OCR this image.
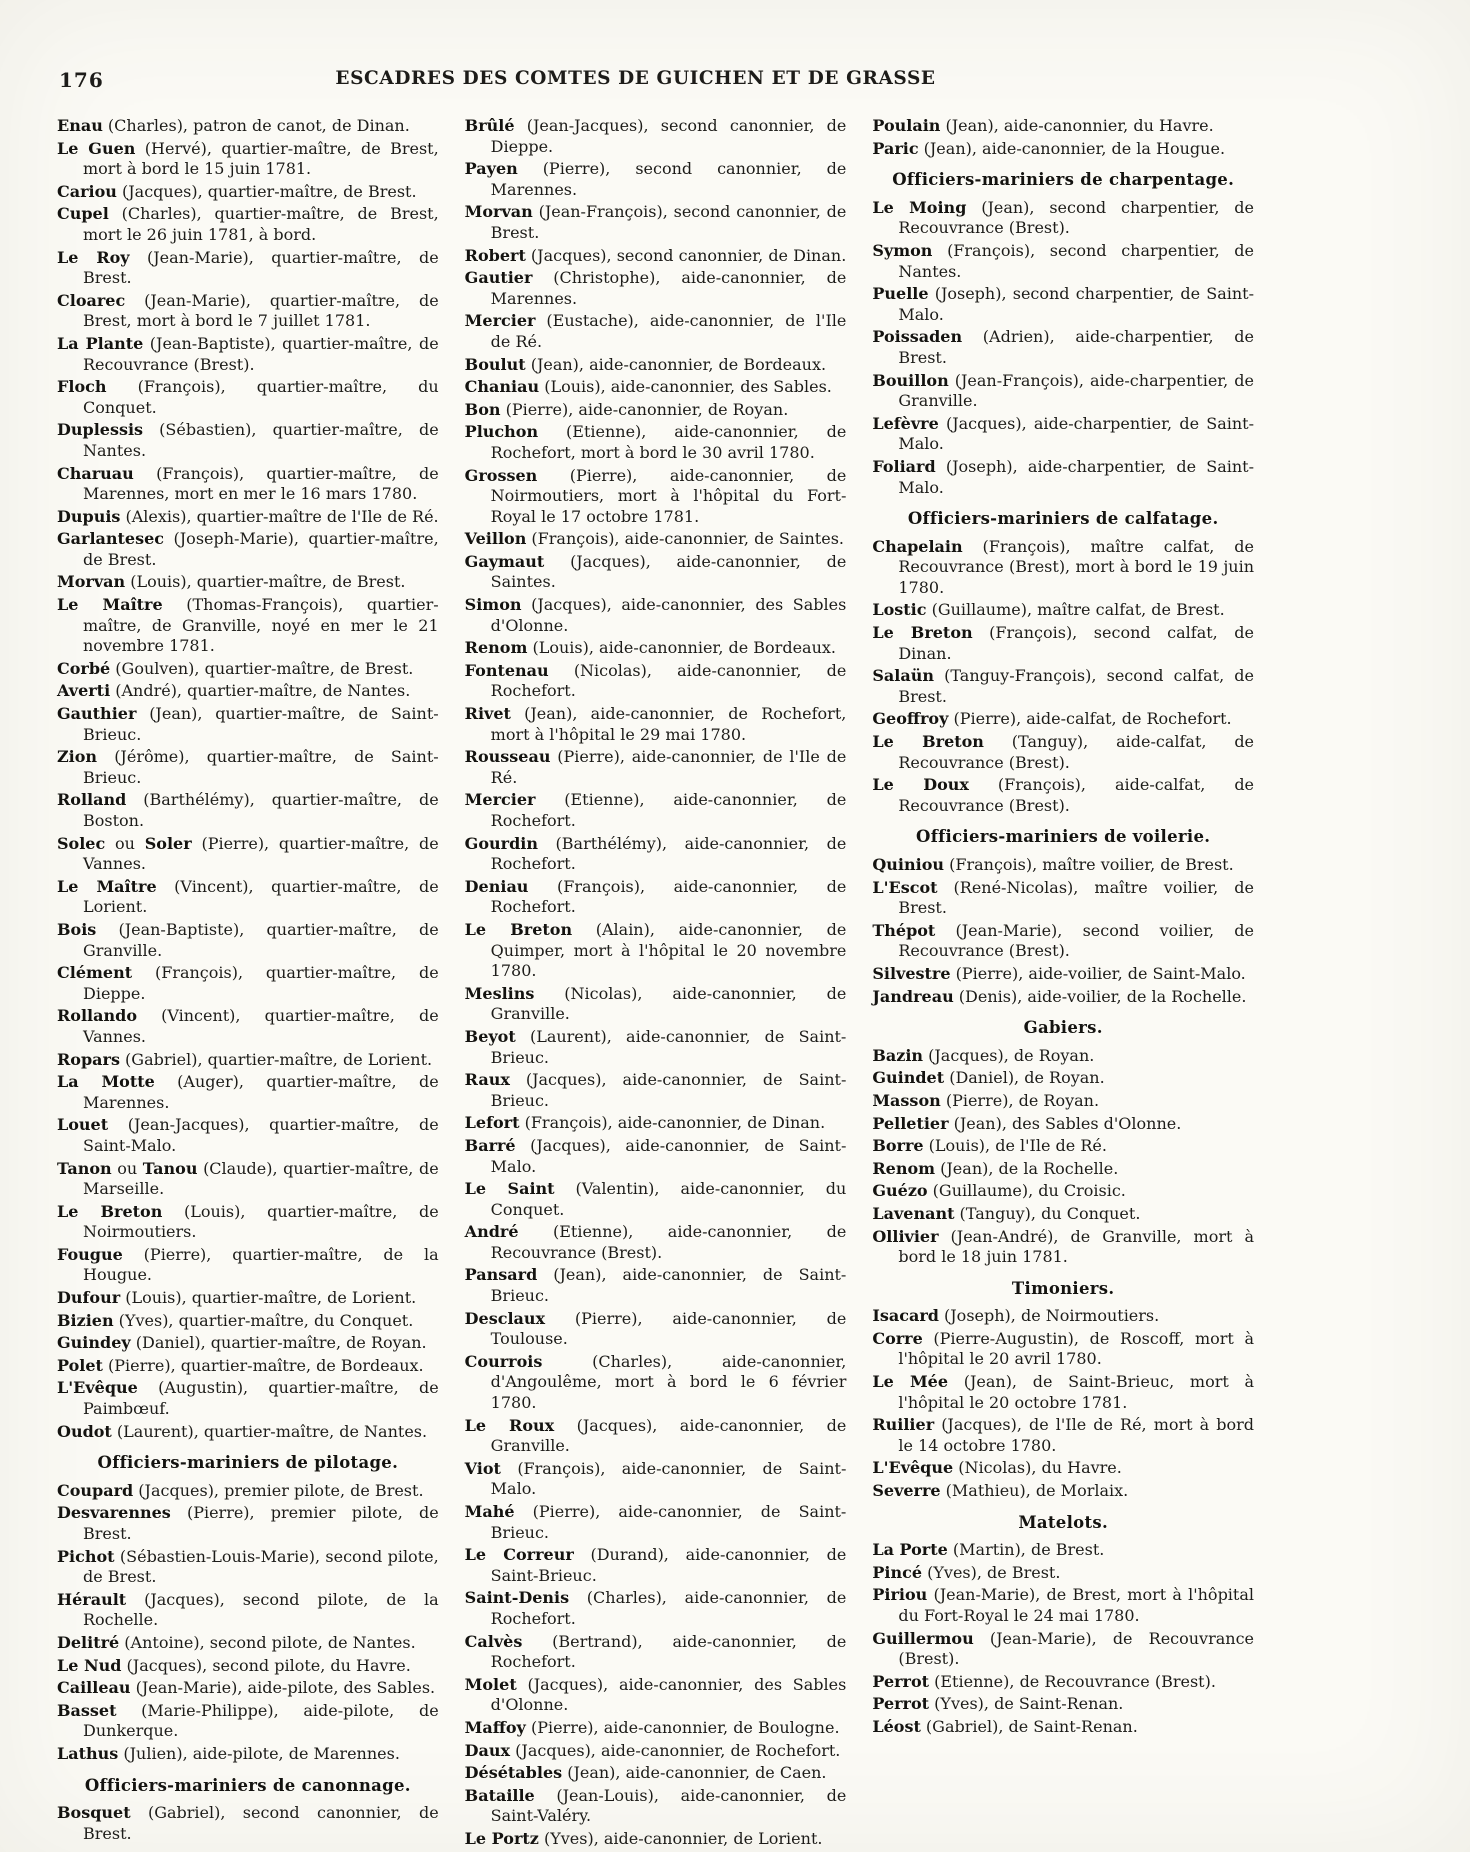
176	ESCADRES DES COMTES DE GUICHEN ET DE GRASSE

Enau (Charles), patron de canot, de Dinan.

Le Guen (Hervé), quartier-maître, de Brest, mort à bord le 15 juin 1781.

Cariou (Jacques), quartier-maître, de Brest.

Cupel (Charles), quartier-maître, de Brest, mort le 26 juin 1781, à bord.

Le Roy (Jean-Marie), quartier-maître, de Brest.

Cloarec (Jean-Marie), quartier-maître, de Brest, mort à bord le 7 juillet 1781.

La Plante (Jean-Baptiste), quartier-maître, de Recouvrance (Brest).

Floch (François), quartier-maître, du Conquet.

Duplessis (Sébastien), quartier-maître, de Nantes.

Charuau (François), quartier-maître, de Marennes, mort en mer le 16 mars 1780.

Dupuis (Alexis), quartier-maître de l'Ile de Ré.

Garlantesec (Joseph-Marie), quartier-maître, de Brest.

Morvan (Louis), quartier-maître, de Brest.

Le Maître (Thomas-François), quartier-maître, de Granville, noyé en mer le 21 novembre 1781.

Corbé (Goulven), quartier-maître, de Brest.

Averti (André), quartier-maître, de Nantes.

Gauthier (Jean), quartier-maître, de Saint-Brieuc.

Zion (Jérôme), quartier-maître, de Saint-Brieuc.

Rolland (Barthélémy), quartier-maître, de Boston.

Solec ou Soler (Pierre), quartier-maître, de Vannes.

Le Maître (Vincent), quartier-maître, de Lorient.

Bois (Jean-Baptiste), quartier-maître, de Granville.

Clément (François), quartier-maître, de Dieppe.

Rollando (Vincent), quartier-maître, de Vannes.

Ropars (Gabriel), quartier-maître, de Lorient.

La Motte (Auger), quartier-maître, de Marennes.

Louet (Jean-Jacques), quartier-maître, de Saint-Malo.

Tanon ou Tanou (Claude), quartier-maître, de Marseille.

Le Breton (Louis), quartier-maître, de Noirmoutiers.

Fougue (Pierre), quartier-maître, de la Hougue.

Dufour (Louis), quartier-maître, de Lorient.

Bizien (Yves), quartier-maître, du Conquet.

Guindey (Daniel), quartier-maître, de Royan.

Polet (Pierre), quartier-maître, de Bordeaux.

L'Evêque (Augustin), quartier-maître, de Paimbœuf.

Oudot (Laurent), quartier-maître, de Nantes.

Officiers-mariniers de pilotage.

Coupard (Jacques), premier pilote, de Brest.

Desvarennes (Pierre), premier pilote, de Brest.

Pichot (Sébastien-Louis-Marie), second pilote, de Brest.

Hérault (Jacques), second pilote, de la Rochelle.

Delitré (Antoine), second pilote, de Nantes.

Le Nud (Jacques), second pilote, du Havre.

Cailleau (Jean-Marie), aide-pilote, des Sables.

Basset (Marie-Philippe), aide-pilote, de Dunkerque.

Lathus (Julien), aide-pilote, de Marennes.

Officiers-mariniers de canonnage.

Bosquet (Gabriel), second canonnier, de Brest.

Brûlé (Jean-Jacques), second canonnier, de Dieppe.

Payen (Pierre), second canonnier, de Marennes.

Morvan (Jean-François), second canonnier, de Brest.

Robert (Jacques), second canonnier, de Dinan.

Gautier (Christophe), aide-canonnier, de Marennes.

Mercier (Eustache), aide-canonnier, de l'Ile de Ré.

Boulut (Jean), aide-canonnier, de Bordeaux.

Chaniau (Louis), aide-canonnier, des Sables.

Bon (Pierre), aide-canonnier, de Royan.

Pluchon (Etienne), aide-canonnier, de Rochefort, mort à bord le 30 avril 1780.

Grossen (Pierre), aide-canonnier, de Noirmoutiers, mort à l'hôpital du Fort-Royal le 17 octobre 1781.

Veillon (François), aide-canonnier, de Saintes.

Gaymaut (Jacques), aide-canonnier, de Saintes.

Simon (Jacques), aide-canonnier, des Sables d'Olonne.

Renom (Louis), aide-canonnier, de Bordeaux.

Fontenau (Nicolas), aide-canonnier, de Rochefort.

Rivet (Jean), aide-canonnier, de Rochefort, mort à l'hôpital le 29 mai 1780.

Rousseau (Pierre), aide-canonnier, de l'Ile de Ré.

Mercier (Etienne), aide-canonnier, de Rochefort.

Gourdin (Barthélémy), aide-canonnier, de Rochefort.

Deniau (François), aide-canonnier, de Rochefort.

Le Breton (Alain), aide-canonnier, de Quimper, mort à l'hôpital le 20 novembre 1780.

Meslins (Nicolas), aide-canonnier, de Granville.

Beyot (Laurent), aide-canonnier, de Saint-Brieuc.

Raux (Jacques), aide-canonnier, de Saint-Brieuc.

Lefort (François), aide-canonnier, de Dinan.

Barré (Jacques), aide-canonnier, de Saint-Malo.

Le Saint (Valentin), aide-canonnier, du Conquet.

André (Etienne), aide-canonnier, de Recouvrance (Brest).

Pansard (Jean), aide-canonnier, de Saint-Brieuc.

Desclaux (Pierre), aide-canonnier, de Toulouse.

Courrois (Charles), aide-canonnier, d'Angoulême, mort à bord le 6 février 1780.

Le Roux (Jacques), aide-canonnier, de Granville.

Viot (François), aide-canonnier, de Saint-Malo.

Mahé (Pierre), aide-canonnier, de Saint-Brieuc.

Le Correur (Durand), aide-canonnier, de Saint-Brieuc.

Saint-Denis (Charles), aide-canonnier, de Rochefort.

Calvès (Bertrand), aide-canonnier, de Rochefort.

Molet (Jacques), aide-canonnier, des Sables d'Olonne.

Maffoy (Pierre), aide-canonnier, de Boulogne.

Daux (Jacques), aide-canonnier, de Rochefort.

Désétables (Jean), aide-canonnier, de Caen.

Bataille (Jean-Louis), aide-canonnier, de Saint-Valéry.

Le Portz (Yves), aide-canonnier, de Lorient.

Poulain (Jean), aide-canonnier, du Havre.

Paric (Jean), aide-canonnier, de la Hougue.

Officiers-mariniers de charpentage.

Le Moing (Jean), second charpentier, de Recouvrance (Brest).

Symon (François), second charpentier, de Nantes.

Puelle (Joseph), second charpentier, de Saint-Malo.

Poissaden (Adrien), aide-charpentier, de Brest.

Bouillon (Jean-François), aide-charpentier, de Granville.

Lefèvre (Jacques), aide-charpentier, de Saint-Malo.

Foliard (Joseph), aide-charpentier, de Saint-Malo.

Officiers-mariniers de calfatage.

Chapelain (François), maître calfat, de Recouvrance (Brest), mort à bord le 19 juin 1780.

Lostic (Guillaume), maître calfat, de Brest.

Le Breton (François), second calfat, de Dinan.

Salaün (Tanguy-François), second calfat, de Brest.

Geoffroy (Pierre), aide-calfat, de Rochefort.

Le Breton (Tanguy), aide-calfat, de Recouvrance (Brest).

Le Doux (François), aide-calfat, de Recouvrance (Brest).

Officiers-mariniers de voilerie.

Quiniou (François), maître voilier, de Brest.

L'Escot (René-Nicolas), maître voilier, de Brest.

Thépot (Jean-Marie), second voilier, de Recouvrance (Brest).

Silvestre (Pierre), aide-voilier, de Saint-Malo.

Jandreau (Denis), aide-voilier, de la Rochelle.

Gabiers.

Bazin (Jacques), de Royan.

Guindet (Daniel), de Royan.

Masson (Pierre), de Royan.

Pelletier (Jean), des Sables d'Olonne.

Borre (Louis), de l'Ile de Ré.

Renom (Jean), de la Rochelle.

Guézo (Guillaume), du Croisic.

Lavenant (Tanguy), du Conquet.

Ollivier (Jean-André), de Granville, mort à bord le 18 juin 1781.

Timoniers.

Isacard (Joseph), de Noirmoutiers.

Corre (Pierre-Augustin), de Roscoff, mort à l'hôpital le 20 avril 1780.

Le Mée (Jean), de Saint-Brieuc, mort à l'hôpital le 20 octobre 1781.

Ruilier (Jacques), de l'Ile de Ré, mort à bord le 14 octobre 1780.

L'Evêque (Nicolas), du Havre.

Severre (Mathieu), de Morlaix.

Matelots.

La Porte (Martin), de Brest.

Pincé (Yves), de Brest.

Piriou (Jean-Marie), de Brest, mort à l'hôpital du Fort-Royal le 24 mai 1780.

Guillermou (Jean-Marie), de Recouvrance (Brest).

Perrot (Etienne), de Recouvrance (Brest).

Perrot (Yves), de Saint-Renan.

Léost (Gabriel), de Saint-Renan.
